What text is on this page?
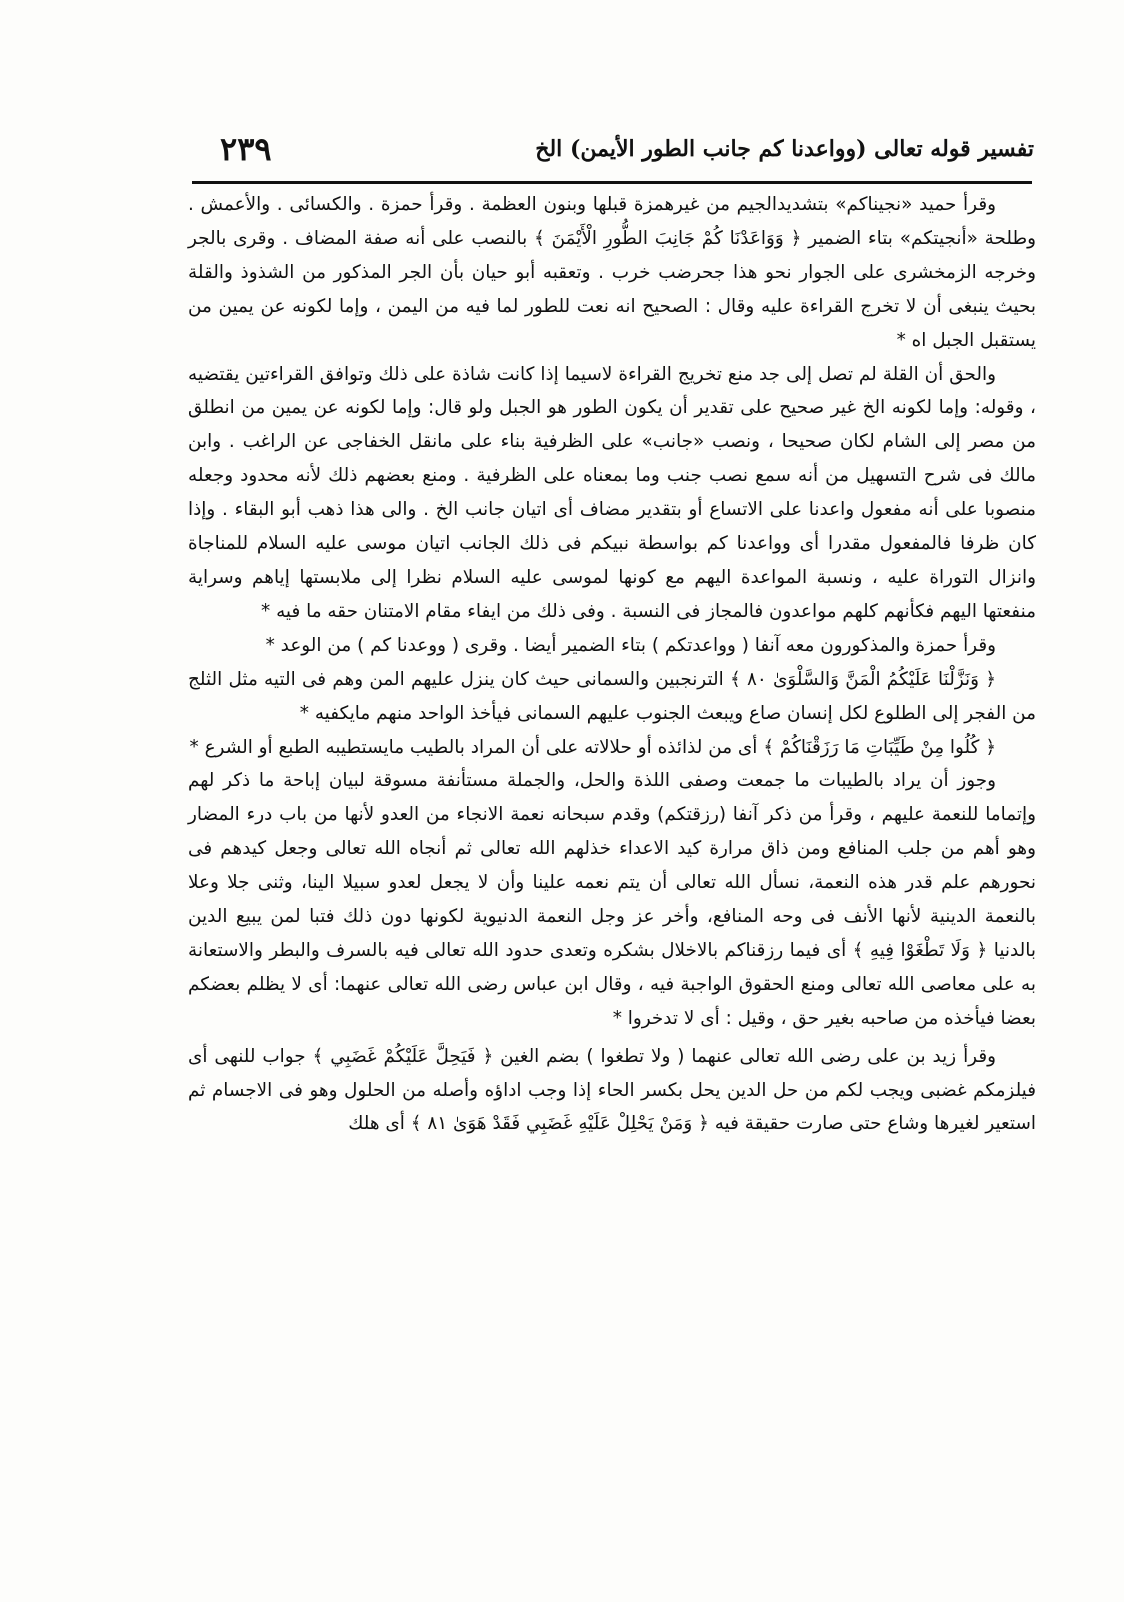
تفسير قوله تعالى (وواعدنا كم جانب الطور الأيمن) الخ
٢٣٩

وقرأ حميد «نجيناكم» بتشديدالجيم من غيرهمزة قبلها وبنون العظمة . وقرأ حمزة . والكسائى . والأعمش . وطلحة «أنجيتكم» بتاء الضمير ﴿ وَوَاعَدْنَا كُمْ جَانِبَ الطُّورِ الْأَيْمَنَ ﴾ بالنصب على أنه صفة المضاف . وقرى بالجر وخرجه الزمخشرى على الجوار نحو هذا جحرضب خرب . وتعقبه أبو حيان بأن الجر المذكور من الشذوذ والقلة بحيث ينبغى أن لا تخرج القراءة عليه وقال : الصحيح انه نعت للطور لما فيه من اليمن ، وإما لكونه عن يمين من يستقبل الجبل اه *

والحق أن القلة لم تصل إلى جد منع تخريج القراءة لاسيما إذا كانت شاذة على ذلك وتوافق القراءتين يقتضيه ، وقوله: وإما لكونه الخ غير صحيح على تقدير أن يكون الطور هو الجبل ولو قال: وإما لكونه عن يمين من انطلق من مصر إلى الشام لكان صحيحا ، ونصب «جانب» على الظرفية بناء على مانقل الخفاجى عن الراغب . وابن مالك فى شرح التسهيل من أنه سمع نصب جنب وما بمعناه على الظرفية . ومنع بعضهم ذلك لأنه محدود وجعله منصوبا على أنه مفعول واعدنا على الاتساع أو بتقدير مضاف أى اتيان جانب الخ . والى هذا ذهب أبو البقاء . وإذا كان ظرفا فالمفعول مقدرا أى وواعدنا كم بواسطة نبيكم فى ذلك الجانب اتيان موسى عليه السلام للمناجاة وانزال التوراة عليه ، ونسبة المواعدة اليهم مع كونها لموسى عليه السلام نظرا إلى ملابستها إياهم وسراية منفعتها اليهم فكأنهم كلهم مواعدون فالمجاز فى النسبة . وفى ذلك من ايفاء مقام الامتنان حقه ما فيه *

وقرأ حمزة والمذكورون معه آنفا ( وواعدتكم ) بتاء الضمير أيضا . وقرى ( ووعدنا كم ) من الوعد *

﴿ وَنَزَّلْنَا عَلَيْكُمُ الْمَنَّ وَالسَّلْوَىٰ ٨٠ ﴾ الترنجبين والسمانى حيث كان ينزل عليهم المن وهم فى التيه مثل الثلج من الفجر إلى الطلوع لكل إنسان صاع ويبعث الجنوب عليهم السمانى فيأخذ الواحد منهم مايكفيه *

﴿ كُلُوا مِنْ طَيِّبَاتِ مَا رَزَقْنَاكُمْ ﴾ أى من لذائذه أو حلالاته على أن المراد بالطيب مايستطيبه الطبع أو الشرع *

وجوز أن يراد بالطيبات ما جمعت وصفى اللذة والحل، والجملة مستأنفة مسوقة لبيان إباحة ما ذكر لهم وإتماما للنعمة عليهم ، وقرأ من ذكر آنفا (رزقتكم) وقدم سبحانه نعمة الانجاء من العدو لأنها من باب درء المضار وهو أهم من جلب المنافع ومن ذاق مرارة كيد الاعداء خذلهم الله تعالى ثم أنجاه الله تعالى وجعل كيدهم فى نحورهم علم قدر هذه النعمة، نسأل الله تعالى أن يتم نعمه علينا وأن لا يجعل لعدو سبيلا الينا، وثنى جلا وعلا بالنعمة الدينية لأنها الأنف فى وحه المنافع، وأخر عز وجل النعمة الدنيوية لكونها دون ذلك فتبا لمن يبيع الدين بالدنيا ﴿ وَلَا تَطْغَوْا فِيهِ ﴾ أى فيما رزقناكم بالاخلال بشكره وتعدى حدود الله تعالى فيه بالسرف والبطر والاستعانة به على معاصى الله تعالى ومنع الحقوق الواجبة فيه ، وقال ابن عباس رضى الله تعالى عنهما: أى لا يظلم بعضكم بعضا فيأخذه من صاحبه بغير حق ، وقيل : أى لا تدخروا *

وقرأ زيد بن على رضى الله تعالى عنهما ( ولا تطغوا ) بضم الغين ﴿ فَيَحِلَّ عَلَيْكُمْ غَضَبِي ﴾ جواب للنهى أى فيلزمكم غضبى ويجب لكم من حل الدين يحل بكسر الحاء إذا وجب اداؤه وأصله من الحلول وهو فى الاجسام ثم استعير لغيرها وشاع حتى صارت حقيقة فيه ﴿ وَمَنْ يَحْلِلْ عَلَيْهِ غَضَبِي فَقَدْ هَوَىٰ ٨١ ﴾ أى هلك
